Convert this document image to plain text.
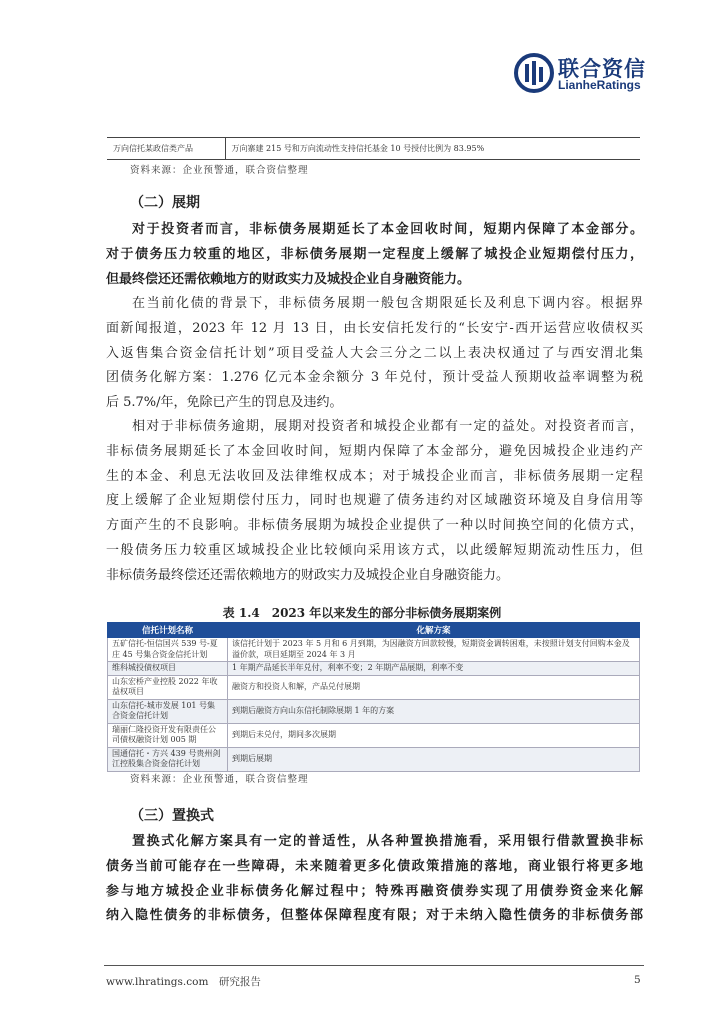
联合资信
LianheRatings
万向信托某政信类产品	万向寨建 215 号和万向流动性支持信托基金 10 号授付比例为 83.95%
资料来源：企业预警通，联合资信整理
（二）展期
对于投资者而言，非标债务展期延长了本金回收时间，短期内保障了本金部分。
对于债务压力较重的地区，非标债务展期一定程度上缓解了城投企业短期偿付压力，
但最终偿还还需依赖地方的财政实力及城投企业自身融资能力。
在当前化债的背景下，非标债务展期一般包含期限延长及利息下调内容。根据界
面新闻报道，2023 年 12 月 13 日，由长安信托发行的“长安宁-西开运营应收债权买
入返售集合资金信托计划”项目受益人大会三分之二以上表决权通过了与西安渭北集
团债务化解方案：1.276 亿元本金余额分 3 年兑付，预计受益人预期收益率调整为税
后 5.7%/年，免除已产生的罚息及违约。
相对于非标债务逾期，展期对投资者和城投企业都有一定的益处。对投资者而言，
非标债务展期延长了本金回收时间，短期内保障了本金部分，避免因城投企业违约产
生的本金、利息无法收回及法律维权成本；对于城投企业而言，非标债务展期一定程
度上缓解了企业短期偿付压力，同时也规避了债务违约对区域融资环境及自身信用等
方面产生的不良影响。非标债务展期为城投企业提供了一种以时间换空间的化债方式，
一般债务压力较重区域城投企业比较倾向采用该方式，以此缓解短期流动性压力，但
非标债务最终偿还还需依赖地方的财政实力及城投企业自身融资能力。
表 1.4　2023 年以来发生的部分非标债务展期案例
信托计划名称	化解方案
五矿信托-恒信国兴 539 号-夏庄 45 号集合资金信托计划	该信托计划于 2023 年 5 月和 6 月到期，为因融资方回款较慢，短期资金调转困难，未按照计划支付回购本金及溢价款，项目延期至 2024 年 3 月
维科城投债权项目	1 年期产品延长半年兑付，利率不变；2 年期产品展期，利率不变
山东宏桥产业控股 2022 年收益权项目	融资方和投资人和解，产品兑付展期
山东信托-城市发展 101 号集合资金信托计划	到期后融资方向山东信托制除展期 1 年的方案
瑞丽仁隆投资开发有限责任公司债权融资计划 005 期	到期后未兑付，期间多次展期
国通信托・方兴 439 号贵州剑江控股集合资金信托计划	到期后展期
资料来源：企业预警通，联合资信整理
（三）置换式
置换式化解方案具有一定的普适性，从各种置换措施看，采用银行借款置换非标
债务当前可能存在一些障碍，未来随着更多化债政策措施的落地，商业银行将更多地
参与地方城投企业非标债务化解过程中；特殊再融资债券实现了用债券资金来化解
纳入隐性债务的非标债务，但整体保障程度有限；对于未纳入隐性债务的非标债务部
www.lhratings.com　研究报告	5
